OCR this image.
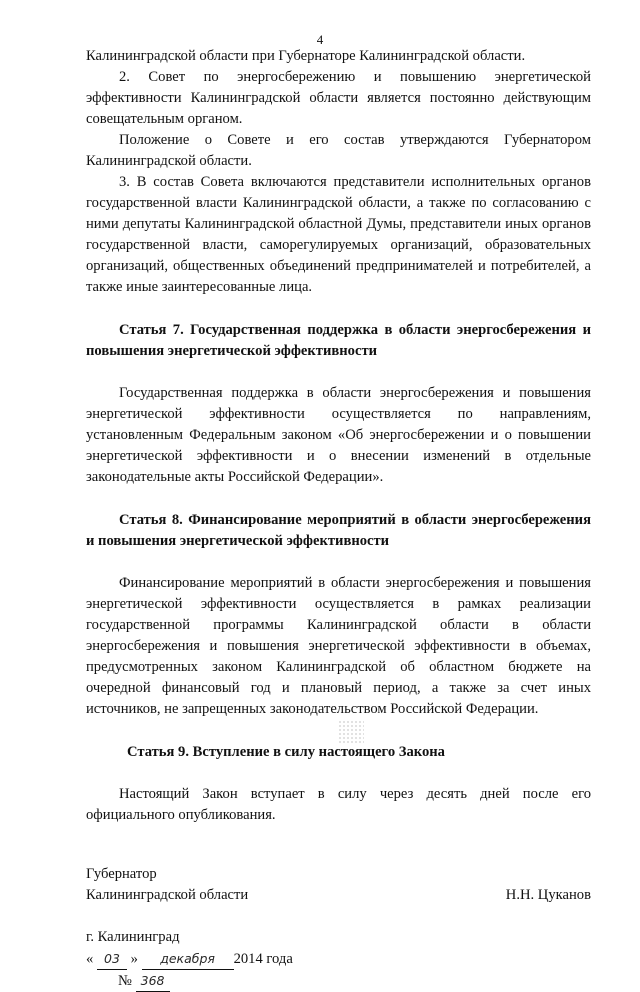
4

Калининградской области при Губернаторе Калининградской области.

2. Совет по энергосбережению и повышению энергетической эффективности Калининградской области является постоянно действующим совещательным органом.

Положение о Совете и его состав утверждаются Губернатором Калининградской области.

3. В состав Совета включаются представители исполнительных органов государственной власти Калининградской области, а также по согласованию с ними депутаты Калининградской областной Думы, представители иных органов государственной власти, саморегулируемых организаций, образовательных организаций, общественных объединений предпринимателей и потребителей, а также иные заинтересованные лица.

Статья 7. Государственная поддержка в области энергосбережения и повышения энергетической эффективности

Государственная поддержка в области энергосбережения и повышения энергетической эффективности осуществляется по направлениям, установленным Федеральным законом «Об энергосбережении и о повышении энергетической эффективности и о внесении изменений в отдельные законодательные акты Российской Федерации».

Статья 8. Финансирование мероприятий в области энергосбережения и повышения энергетической эффективности

Финансирование мероприятий в области энергосбережения и повышения энергетической эффективности осуществляется в рамках реализации государственной программы Калининградской области в области энергосбережения и повышения энергетической эффективности в объемах, предусмотренных законом Калининградской об областном бюджете на очередной финансовый год и плановый период, а также за счет иных источников, не запрещенных законодательством Российской Федерации.

Статья 9. Вступление в силу настоящего Закона

Настоящий Закон вступает в силу через десять дней после его официального опубликования.

Губернатор
Калининградской области	Н.Н. Цуканов
г. Калининград
« 03 » декабря 2014 года
№ 368
